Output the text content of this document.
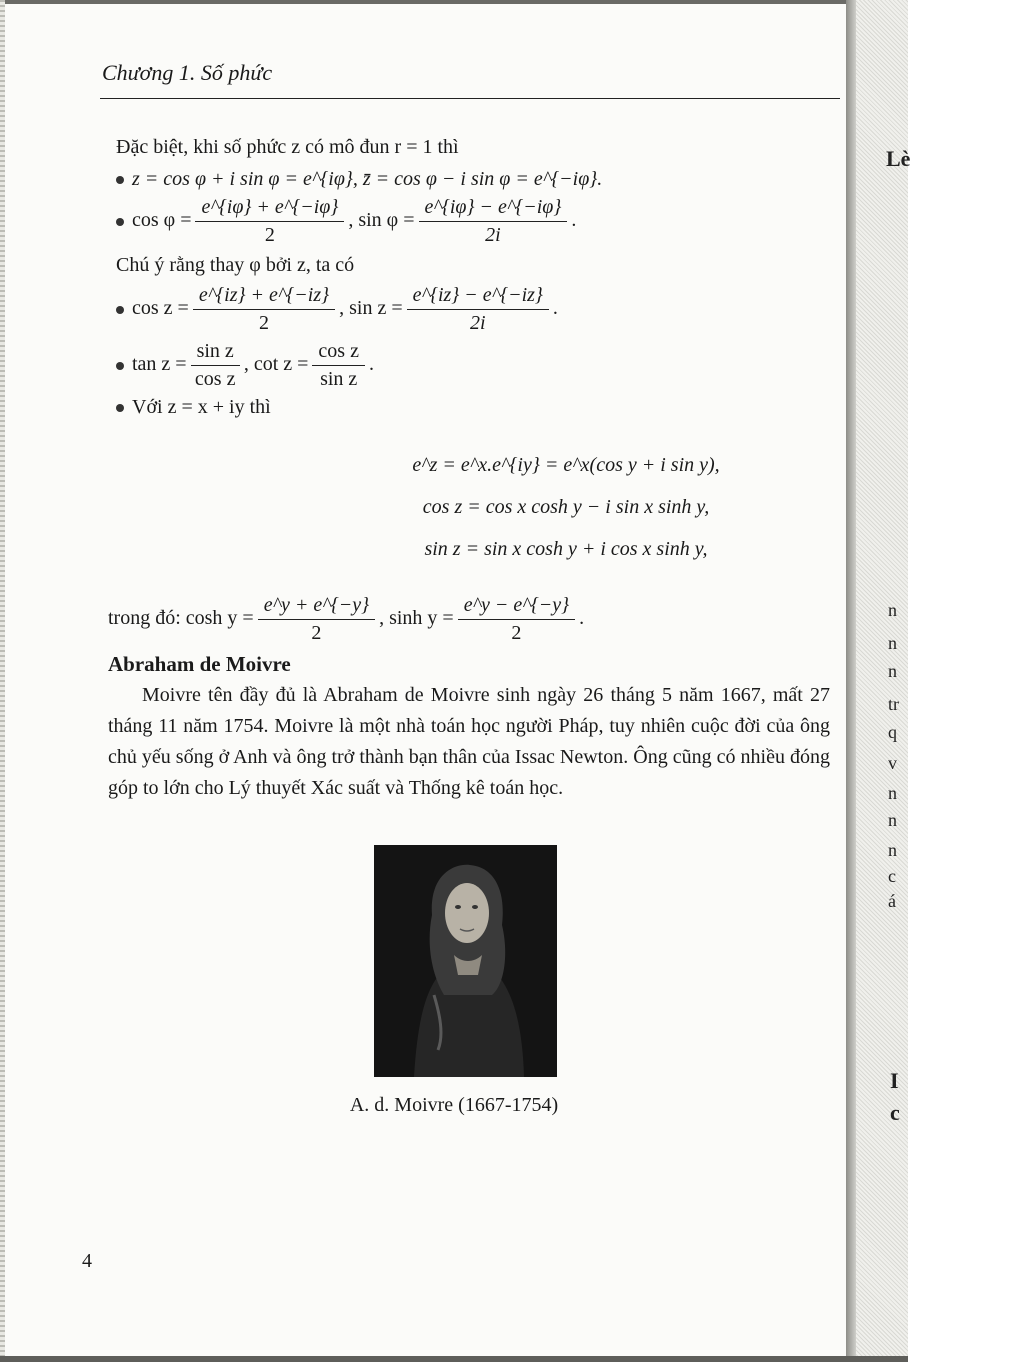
Lè
n
n
n
tr
q
v
n
n
n
c
á
I
c
Chương 1. Số phức
Đặc biệt, khi số phức z có mô đun r = 1 thì
z = cos φ + i sin φ = e^{iφ}, z̄ = cos φ − i sin φ = e^{−iφ}.
$\cos \varphi = \frac{e\^{}\{i\varphi\} + e\^{}\{-i\varphi\}}{2}$ , $\sin \varphi = \frac{e\^{}\{i\varphi\} - e\^{}\{-i\varphi\}}{2i}$ .
Chú ý rằng thay φ bởi z, ta có
$\cos z = \frac{e\^{}\{iz\} + e\^{}\{-iz\}}{2}$ , $\sin z = \frac{e\^{}\{iz\} - e\^{}\{-iz\}}{2i}$ .
$\tan z = \frac{\text{sin z}}{\text{cos z}}$ , $\cot z = \frac{\text{cos z}}{\text{sin z}}$ .
Với z = x + iy thì
e^z = e^x.e^{iy} = e^x(cos y + i sin y),
cos z = cos x cosh y − i sin x sinh y,
sin z = sin x cosh y + i cos x sinh y,
trong đó: $\cosh y = \frac{e\^{}y + e\^{}\{-y\}}{2}$ , $\sinh y = \frac{e\^{}y - e\^{}\{-y\}}{2}$ .
Abraham de Moivre
Moivre tên đầy đủ là Abraham de Moivre sinh ngày 26 tháng 5 năm 1667, mất 27 tháng 11 năm 1754. Moivre là một nhà toán học người Pháp, tuy nhiên cuộc đời của ông chủ yếu sống ở Anh và ông trở thành bạn thân của Issac Newton. Ông cũng có nhiều đóng góp to lớn cho Lý thuyết Xác suất và Thống kê toán học.
A. d. Moivre (1667-1754)
4
